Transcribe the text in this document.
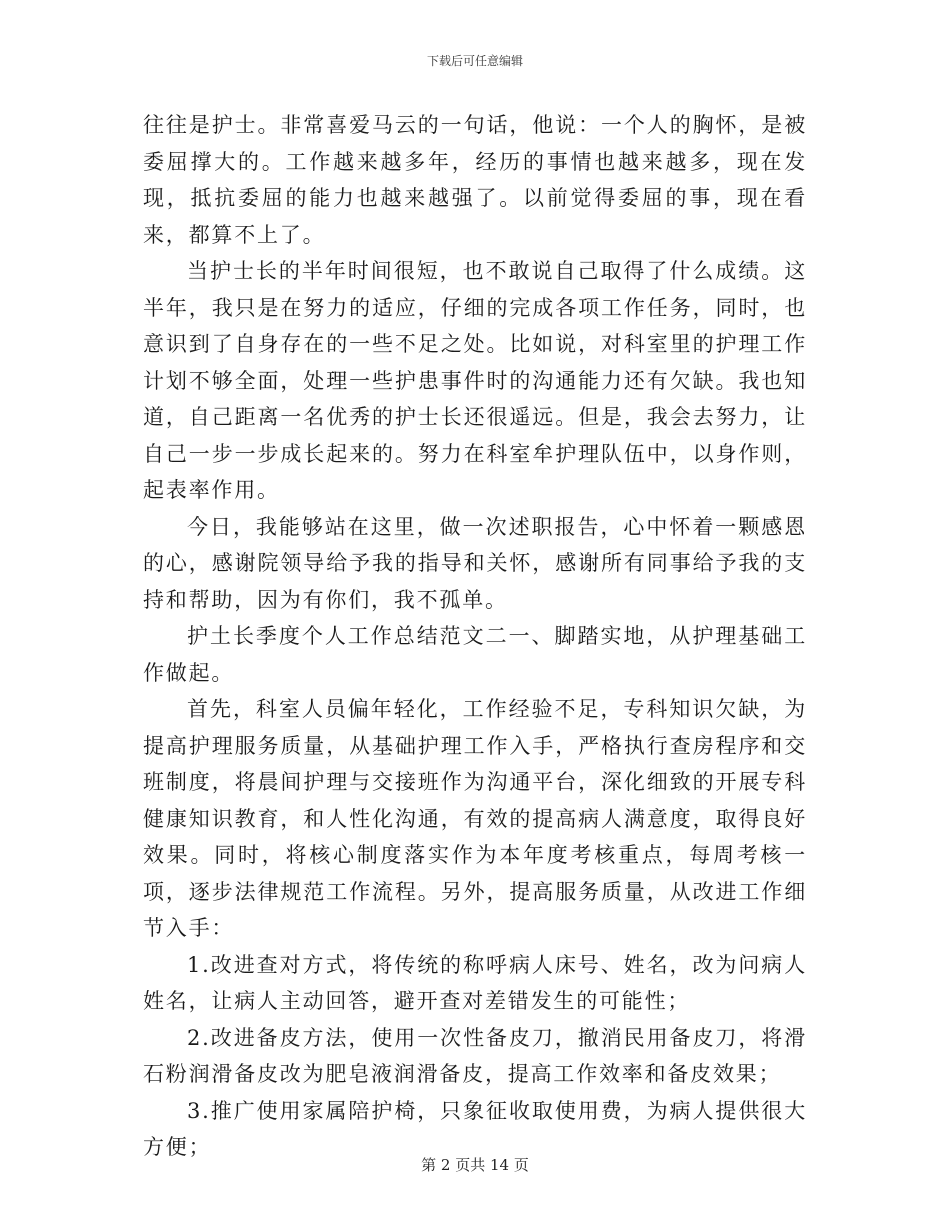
下载后可任意编辑

往往是护士。非常喜爱马云的一句话，他说：一个人的胸怀，是被委屈撑大的。工作越来越多年，经历的事情也越来越多，现在发现，抵抗委屈的能力也越来越强了。以前觉得委屈的事，现在看来，都算不上了。

当护士长的半年时间很短，也不敢说自己取得了什么成绩。这半年，我只是在努力的适应，仔细的完成各项工作任务，同时，也意识到了自身存在的一些不足之处。比如说，对科室里的护理工作计划不够全面，处理一些护患事件时的沟通能力还有欠缺。我也知道，自己距离一名优秀的护士长还很遥远。但是，我会去努力，让自己一步一步成长起来的。努力在科室牟护理队伍中，以身作则，起表率作用。

今日，我能够站在这里，做一次述职报告，心中怀着一颗感恩的心，感谢院领导给予我的指导和关怀，感谢所有同事给予我的支持和帮助，因为有你们，我不孤单。

护土长季度个人工作总结范文二一、脚踏实地，从护理基础工作做起。

首先，科室人员偏年轻化，工作经验不足，专科知识欠缺，为提高护理服务质量，从基础护理工作入手，严格执行查房程序和交班制度，将晨间护理与交接班作为沟通平台，深化细致的开展专科健康知识教育，和人性化沟通，有效的提高病人满意度，取得良好效果。同时，将核心制度落实作为本年度考核重点，每周考核一项，逐步法律规范工作流程。另外，提高服务质量，从改进工作细节入手：

1.改进查对方式，将传统的称呼病人床号、姓名，改为问病人姓名，让病人主动回答，避开查对差错发生的可能性；

2.改进备皮方法，使用一次性备皮刀，撤消民用备皮刀，将滑石粉润滑备皮改为肥皂液润滑备皮，提高工作效率和备皮效果；

3.推广使用家属陪护椅，只象征收取使用费，为病人提供很大方便；

第 2 页共 14 页
